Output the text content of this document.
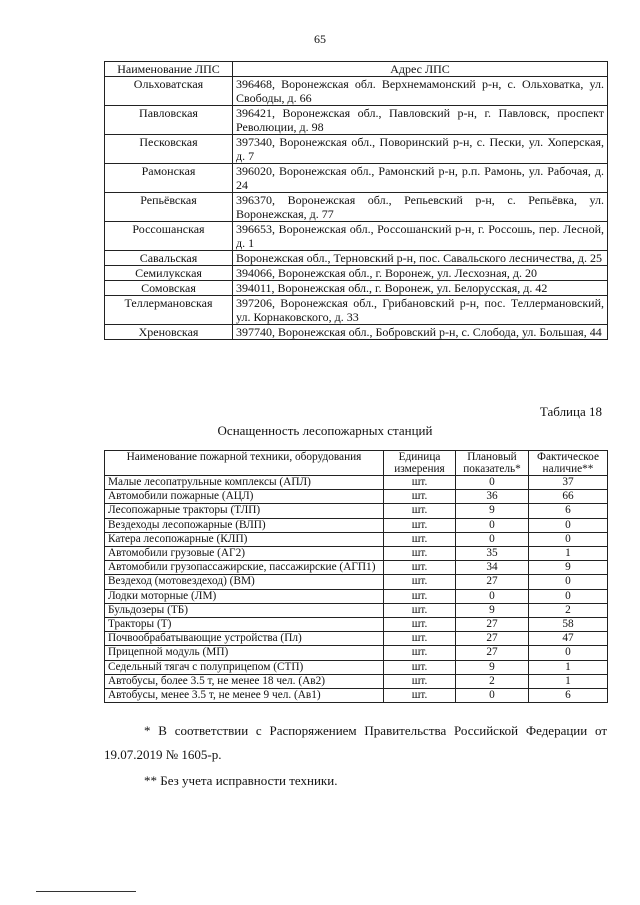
65
Наименование ЛПС	Адрес ЛПС
Ольховатская	396468, Воронежская обл. Верхнемамонский р-н, с. Ольховатка, ул. Свободы, д. 66
Павловская	396421, Воронежская обл., Павловский р-н, г. Павловск, проспект Революции, д. 98
Песковская	397340, Воронежская обл., Поворинский р-н, с. Пески, ул. Хоперская, д. 7
Рамонская	396020, Воронежская обл., Рамонский р-н, р.п. Рамонь, ул. Рабочая, д. 24
Репьёвская	396370, Воронежская обл., Репьевский р-н, с. Репьёвка, ул. Воронежская, д. 77
Россошанская	396653, Воронежская обл., Россошанский р-н, г. Россошь, пер. Лесной, д. 1
Савальская	Воронежская обл., Терновский р-н, пос. Савальского лесничества, д. 25
Семилукская	394066, Воронежская обл., г. Воронеж, ул. Лесхозная, д. 20
Сомовская	394011, Воронежская обл., г. Воронеж, ул. Белорусская, д. 42
Теллермановская	397206, Воронежская обл., Грибановский р-н, пос. Теллермановский, ул. Корнаковского, д. 33
Хреновская	397740, Воронежская обл., Бобровский р-н, с. Слобода, ул. Большая, 44
Таблица 18
Оснащенность лесопожарных станций
Наименование пожарной техники, оборудования	Единица измерения	Плановый показатель*	Фактическое наличие**
Малые лесопатрульные комплексы (АПЛ)	шт.	0	37
Автомобили пожарные (АЦЛ)	шт.	36	66
Лесопожарные тракторы (ТЛП)	шт.	9	6
Вездеходы лесопожарные (ВЛП)	шт.	0	0
Катера лесопожарные (КЛП)	шт.	0	0
Автомобили грузовые (АГ2)	шт.	35	1
Автомобили грузопассажирские, пассажирские (АГП1)	шт.	34	9
Вездеход (мотовездеход) (ВМ)	шт.	27	0
Лодки моторные (ЛМ)	шт.	0	0
Бульдозеры (ТБ)	шт.	9	2
Тракторы (Т)	шт.	27	58
Почвообрабатывающие устройства (Пл)	шт.	27	47
Прицепной модуль (МП)	шт.	27	0
Седельный тягач с полуприцепом (СТП)	шт.	9	1
Автобусы, более 3.5 т, не менее 18 чел. (Ав2)	шт.	2	1
Автобусы, менее 3.5 т, не менее 9 чел. (Ав1)	шт.	0	6
* В соответствии с Распоряжением Правительства Российской Федерации от 19.07.2019 № 1605-р.
** Без учета исправности техники.
